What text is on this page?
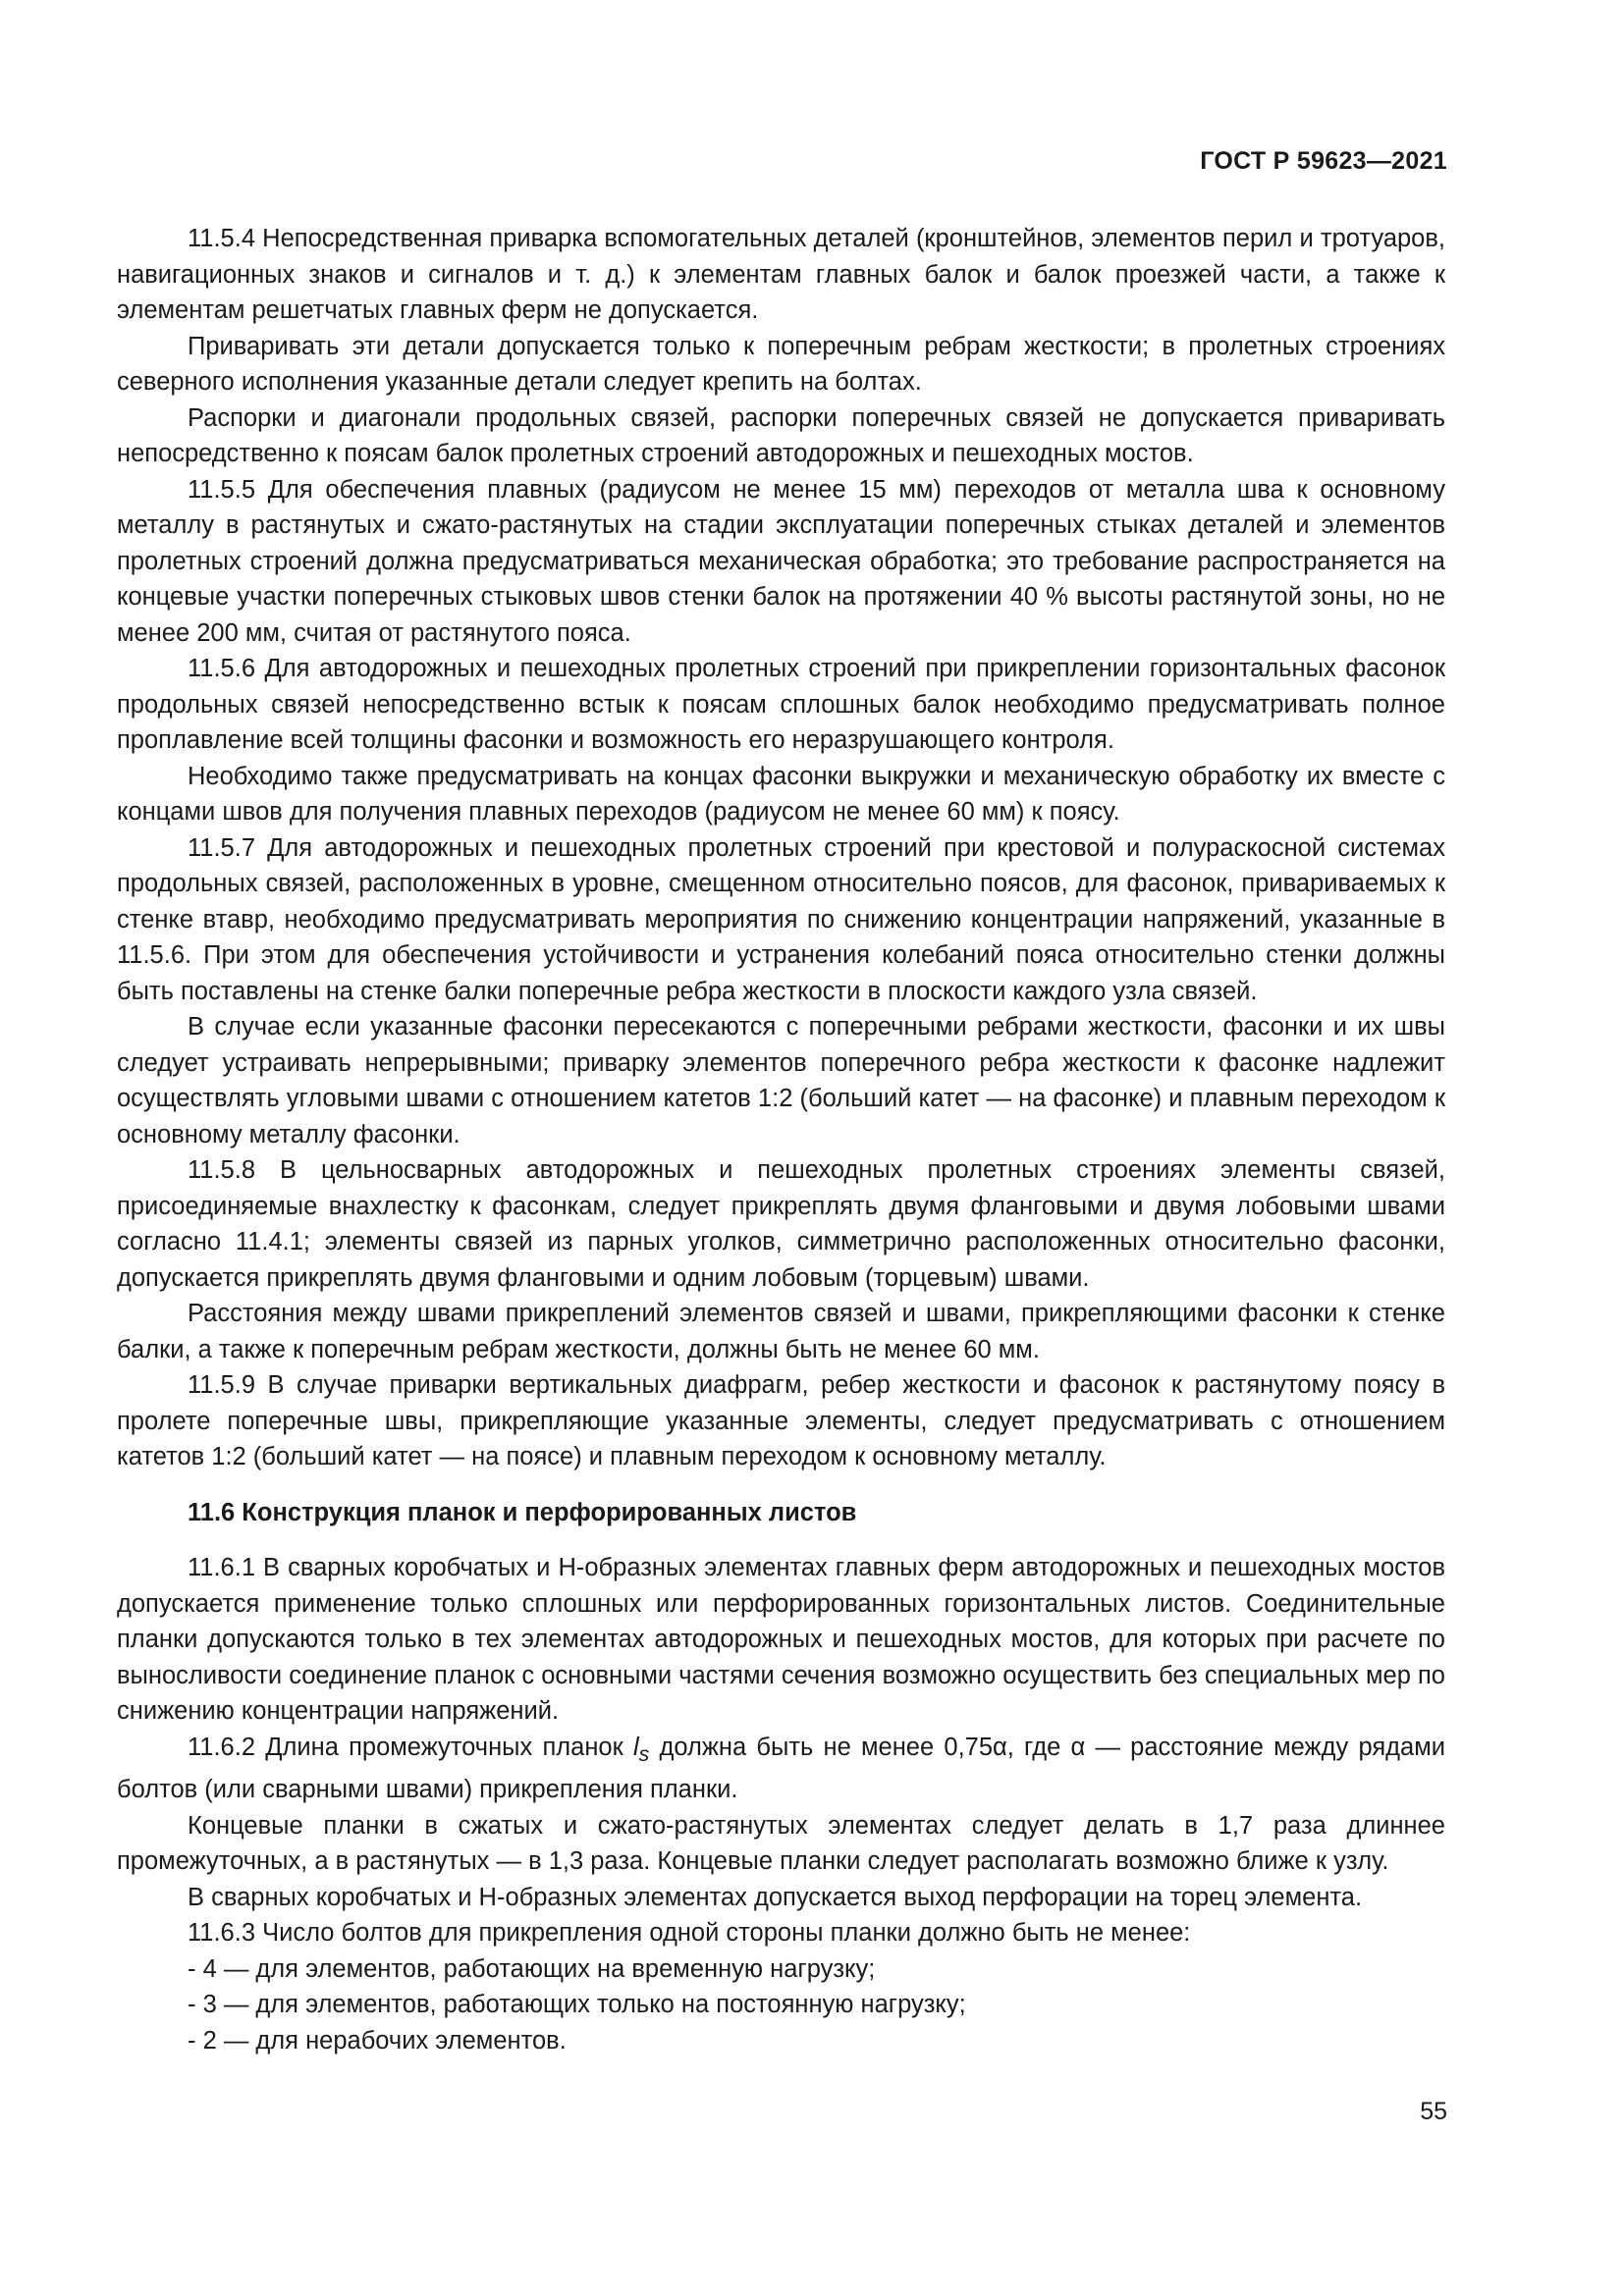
ГОСТ Р 59623—2021

11.5.4 Непосредственная приварка вспомогательных деталей (кронштейнов, элементов перил и тротуаров, навигационных знаков и сигналов и т. д.) к элементам главных балок и балок проезжей части, а также к элементам решетчатых главных ферм не допускается.

Приваривать эти детали допускается только к поперечным ребрам жесткости; в пролетных строениях северного исполнения указанные детали следует крепить на болтах.

Распорки и диагонали продольных связей, распорки поперечных связей не допускается приваривать непосредственно к поясам балок пролетных строений автодорожных и пешеходных мостов.

11.5.5 Для обеспечения плавных (радиусом не менее 15 мм) переходов от металла шва к основному металлу в растянутых и сжато-растянутых на стадии эксплуатации поперечных стыках деталей и элементов пролетных строений должна предусматриваться механическая обработка; это требование распространяется на концевые участки поперечных стыковых швов стенки балок на протяжении 40 % высоты растянутой зоны, но не менее 200 мм, считая от растянутого пояса.

11.5.6 Для автодорожных и пешеходных пролетных строений при прикреплении горизонтальных фасонок продольных связей непосредственно встык к поясам сплошных балок необходимо предусматривать полное проплавление всей толщины фасонки и возможность его неразрушающего контроля.

Необходимо также предусматривать на концах фасонки выкружки и механическую обработку их вместе с концами швов для получения плавных переходов (радиусом не менее 60 мм) к поясу.

11.5.7 Для автодорожных и пешеходных пролетных строений при крестовой и полураскосной системах продольных связей, расположенных в уровне, смещенном относительно поясов, для фасонок, привариваемых к стенке втавр, необходимо предусматривать мероприятия по снижению концентрации напряжений, указанные в 11.5.6. При этом для обеспечения устойчивости и устранения колебаний пояса относительно стенки должны быть поставлены на стенке балки поперечные ребра жесткости в плоскости каждого узла связей.

В случае если указанные фасонки пересекаются с поперечными ребрами жесткости, фасонки и их швы следует устраивать непрерывными; приварку элементов поперечного ребра жесткости к фасонке надлежит осуществлять угловыми швами с отношением катетов 1:2 (больший катет — на фасонке) и плавным переходом к основному металлу фасонки.

11.5.8 В цельносварных автодорожных и пешеходных пролетных строениях элементы связей, присоединяемые внахлестку к фасонкам, следует прикреплять двумя фланговыми и двумя лобовыми швами согласно 11.4.1; элементы связей из парных уголков, симметрично расположенных относительно фасонки, допускается прикреплять двумя фланговыми и одним лобовым (торцевым) швами.

Расстояния между швами прикреплений элементов связей и швами, прикрепляющими фасонки к стенке балки, а также к поперечным ребрам жесткости, должны быть не менее 60 мм.

11.5.9 В случае приварки вертикальных диафрагм, ребер жесткости и фасонок к растянутому поясу в пролете поперечные швы, прикрепляющие указанные элементы, следует предусматривать с отношением катетов 1:2 (больший катет — на поясе) и плавным переходом к основному металлу.

11.6 Конструкция планок и перфорированных листов

11.6.1 В сварных коробчатых и Н-образных элементах главных ферм автодорожных и пешеходных мостов допускается применение только сплошных или перфорированных горизонтальных листов. Соединительные планки допускаются только в тех элементах автодорожных и пешеходных мостов, для которых при расчете по выносливости соединение планок с основными частями сечения возможно осуществить без специальных мер по снижению концентрации напряжений.

11.6.2 Длина промежуточных планок $l_s$ должна быть не менее 0,75α, где α — расстояние между рядами болтов (или сварными швами) прикрепления планки.

Концевые планки в сжатых и сжато-растянутых элементах следует делать в 1,7 раза длиннее промежуточных, а в растянутых — в 1,3 раза. Концевые планки следует располагать возможно ближе к узлу.

В сварных коробчатых и Н-образных элементах допускается выход перфорации на торец элемента.

11.6.3 Число болтов для прикрепления одной стороны планки должно быть не менее:

- 4 — для элементов, работающих на временную нагрузку;
- 3 — для элементов, работающих только на постоянную нагрузку;
- 2 — для нерабочих элементов.
55
